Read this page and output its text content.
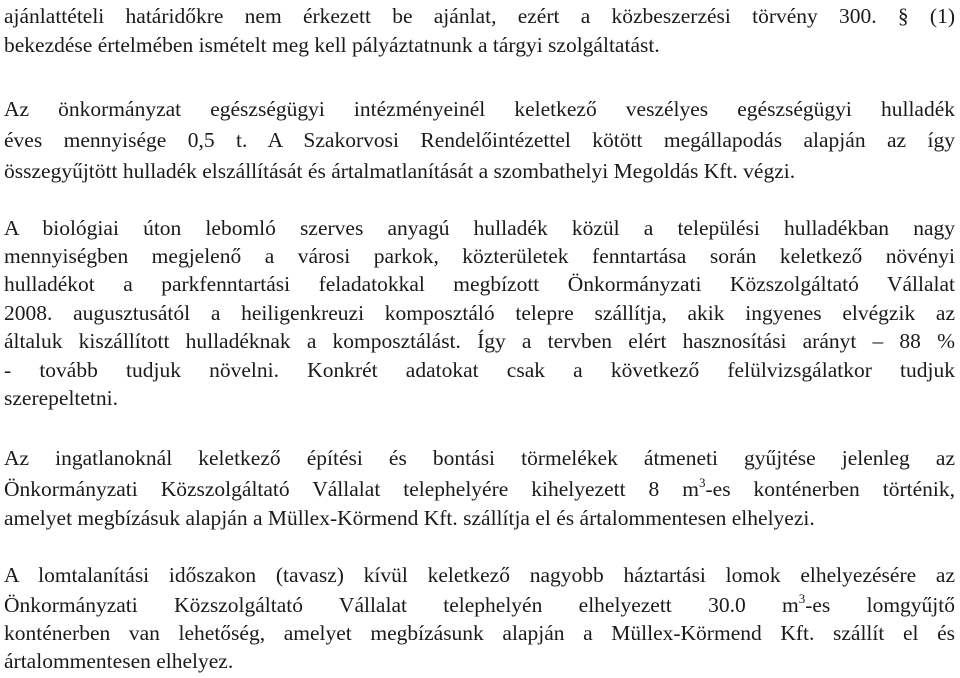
ajánlattételi határidőkre nem érkezett be ajánlat, ezért a közbeszerzési törvény 300. § (1)
bekezdése értelmében ismételt meg kell pályáztatnunk a tárgyi szolgáltatást.
Az önkormányzat egészségügyi intézményeinél keletkező veszélyes egészségügyi hulladék
éves mennyisége 0,5 t. A Szakorvosi Rendelőintézettel kötött megállapodás alapján az így
összegyűjtött hulladék elszállítását és ártalmatlanítását a szombathelyi Megoldás Kft. végzi.
A biológiai úton lebomló szerves anyagú hulladék közül a települési hulladékban nagy
mennyiségben megjelenő a városi parkok, közterületek fenntartása során keletkező növényi
hulladékot a parkfenntartási feladatokkal megbízott Önkormányzati Közszolgáltató Vállalat
2008. augusztusától a heiligenkreuzi komposztáló telepre szállítja, akik ingyenes elvégzik az
általuk kiszállított hulladéknak a komposztálást. Így a tervben elért hasznosítási arányt – 88 %
- tovább tudjuk növelni. Konkrét adatokat csak a következő felülvizsgálatkor tudjuk
szerepeltetni.
Az ingatlanoknál keletkező építési és bontási törmelékek átmeneti gyűjtése jelenleg az
Önkormányzati Közszolgáltató Vállalat telephelyére kihelyezett 8 $m^3-es$ konténerben történik,
amelyet megbízásuk alapján a Müllex-Körmend Kft. szállítja el és ártalommentesen elhelyezi.
A lomtalanítási időszakon (tavasz) kívül keletkező nagyobb háztartási lomok elhelyezésére az
Önkormányzati Közszolgáltató Vállalat telephelyén elhelyezett 30.0 $m^3-es$ lomgyűjtő
konténerben van lehetőség, amelyet megbízásunk alapján a Müllex-Körmend Kft. szállít el és
ártalommentesen elhelyez.
